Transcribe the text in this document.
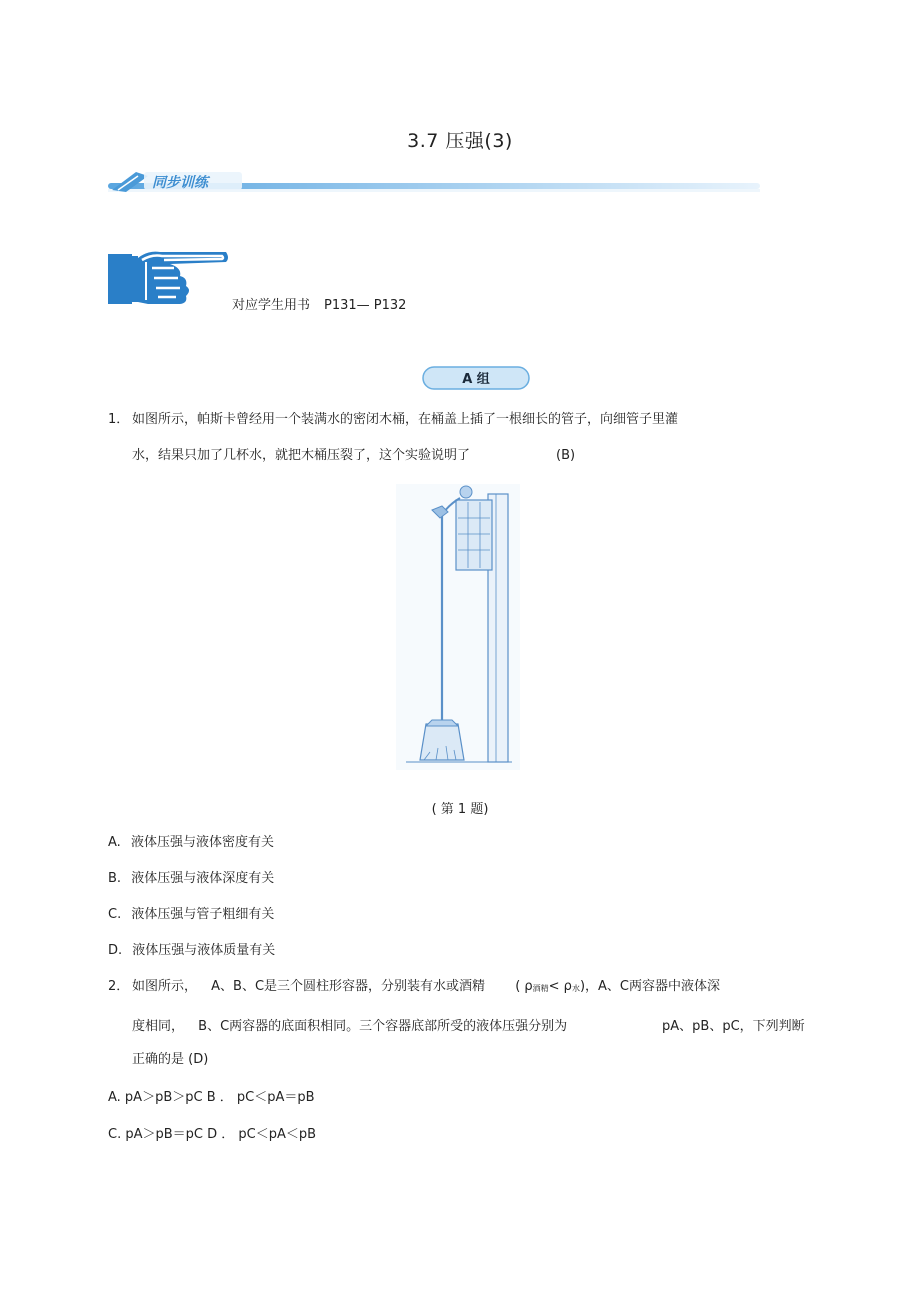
3.7 压强(3)
同步训练
对应学生用书 P131— P132
A 组
1． 如图所示，帕斯卡曾经用一个装满水的密闭木桶，在桶盖上插了一根细长的管子，向细管子里灌
水，结果只加了几杯水，就把木桶压裂了，这个实验说明了	(B)
( 第 1 题)
A. 液体压强与液体密度有关
B. 液体压强与液体深度有关
C. 液体压强与管子粗细有关
D. 液体压强与液体质量有关
2． 如图所示， A、B、C是三个圆柱形容器，分别装有水或酒精 ( ρ酒精< ρ水)，A、C两容器中液体深
度相同， B、C两容器的底面积相同。三个容器底部所受的液体压强分别为	pA、pB、pC，下列判断
正确的是 (D)
A. pA＞pB＞pC B ． pC＜pA＝pB
C. pA＞pB＝pC D ． pC＜pA＜pB
